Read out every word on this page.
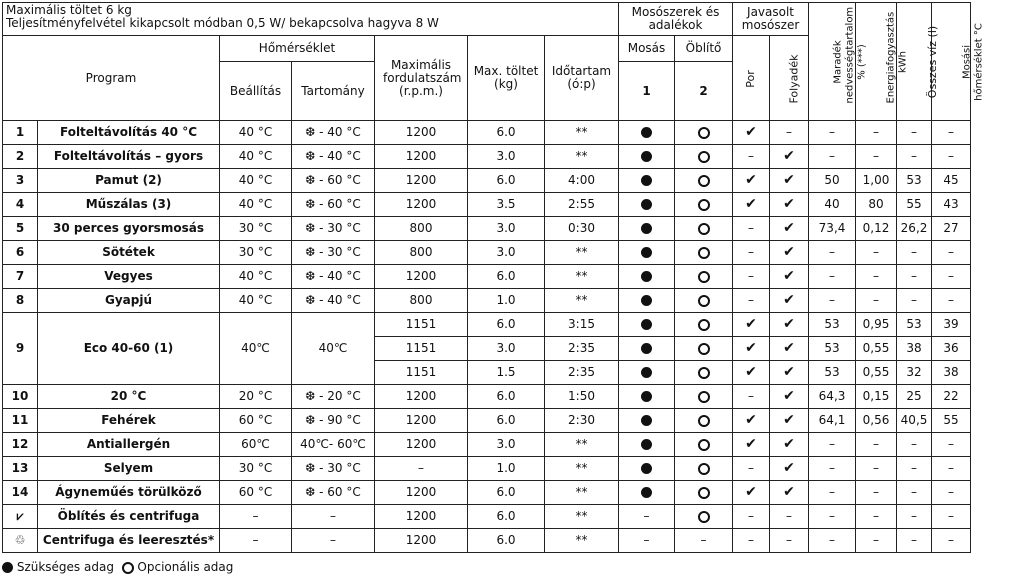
Maximális töltet 6 kg
Teljesítményfelvétel kikapcsolt módban 0,5 W/ bekapcsolva hagyva 8 W							Mosószerek és adalékok		Javasolt mosószer		Maradék nedvességtartalom % (***)	Energiafogyasztás kWh	Összes víz (l)	Mosási hőmérséklet °C
Program		Hőmérséklet		Maximális fordulatszám (r.p.m.)	Max. töltet (kg)	Időtartam (ó:p)	Mosás	Öblítő	Por	Folyadék				
		Beállítás	Tartomány				1	2						
1	Folteltávolítás 40 °C	40 °C	❆ - 40 °C	1200	6.0	**			✔	–	–	–	–	–
2	Folteltávolítás – gyors	40 °C	❆ - 40 °C	1200	3.0	**			–	✔	–	–	–	–
3	Pamut (2)	40 °C	❆ - 60 °C	1200	6.0	4:00			✔	✔	50	1,00	53	45
4	Műszálas (3)	40 °C	❆ - 60 °C	1200	3.5	2:55			✔	✔	40	80	55	43
5	30 perces gyorsmosás	30 °C	❆ - 30 °C	800	3.0	0:30			–	✔	73,4	0,12	26,2	27
6	Sötétek	30 °C	❆ - 30 °C	800	3.0	**			–	✔	–	–	–	–
7	Vegyes	40 °C	❆ - 40 °C	1200	6.0	**			–	✔	–	–	–	–
8	Gyapjú	40 °C	❆ - 40 °C	800	1.0	**			–	✔	–	–	–	–
9	Eco 40-60 (1)	40℃	40℃	1151	6.0	3:15			✔	✔	53	0,95	53	39
				1151	3.0	2:35			✔	✔	53	0,55	38	36
				1151	1.5	2:35			✔	✔	53	0,55	32	38
10	20 °C	20 °C	❆ - 20 °C	1200	6.0	1:50			–	✔	64,3	0,15	25	22
11	Fehérek	60 °C	❆ - 90 °C	1200	6.0	2:30			✔	✔	64,1	0,56	40,5	55
12	Antiallergén	60℃	40℃- 60℃	1200	3.0	**			✔	✔	–	–	–	–
13	Selyem	30 °C	❆ - 30 °C	–	1.0	**			–	✔	–	–	–	–
14	Ágyneműés törülköző	60 °C	❆ - 60 °C	1200	6.0	**			✔	✔	–	–	–	–
⩗	Öblítés és centrifuga	–	–	1200	6.0	**	–		–	–	–	–	–	–
♲	Centrifuga és leeresztés*	–	–	1200	6.0	**	–	–	–	–	–	–	–	–
Szükséges adag Opcionális adag
